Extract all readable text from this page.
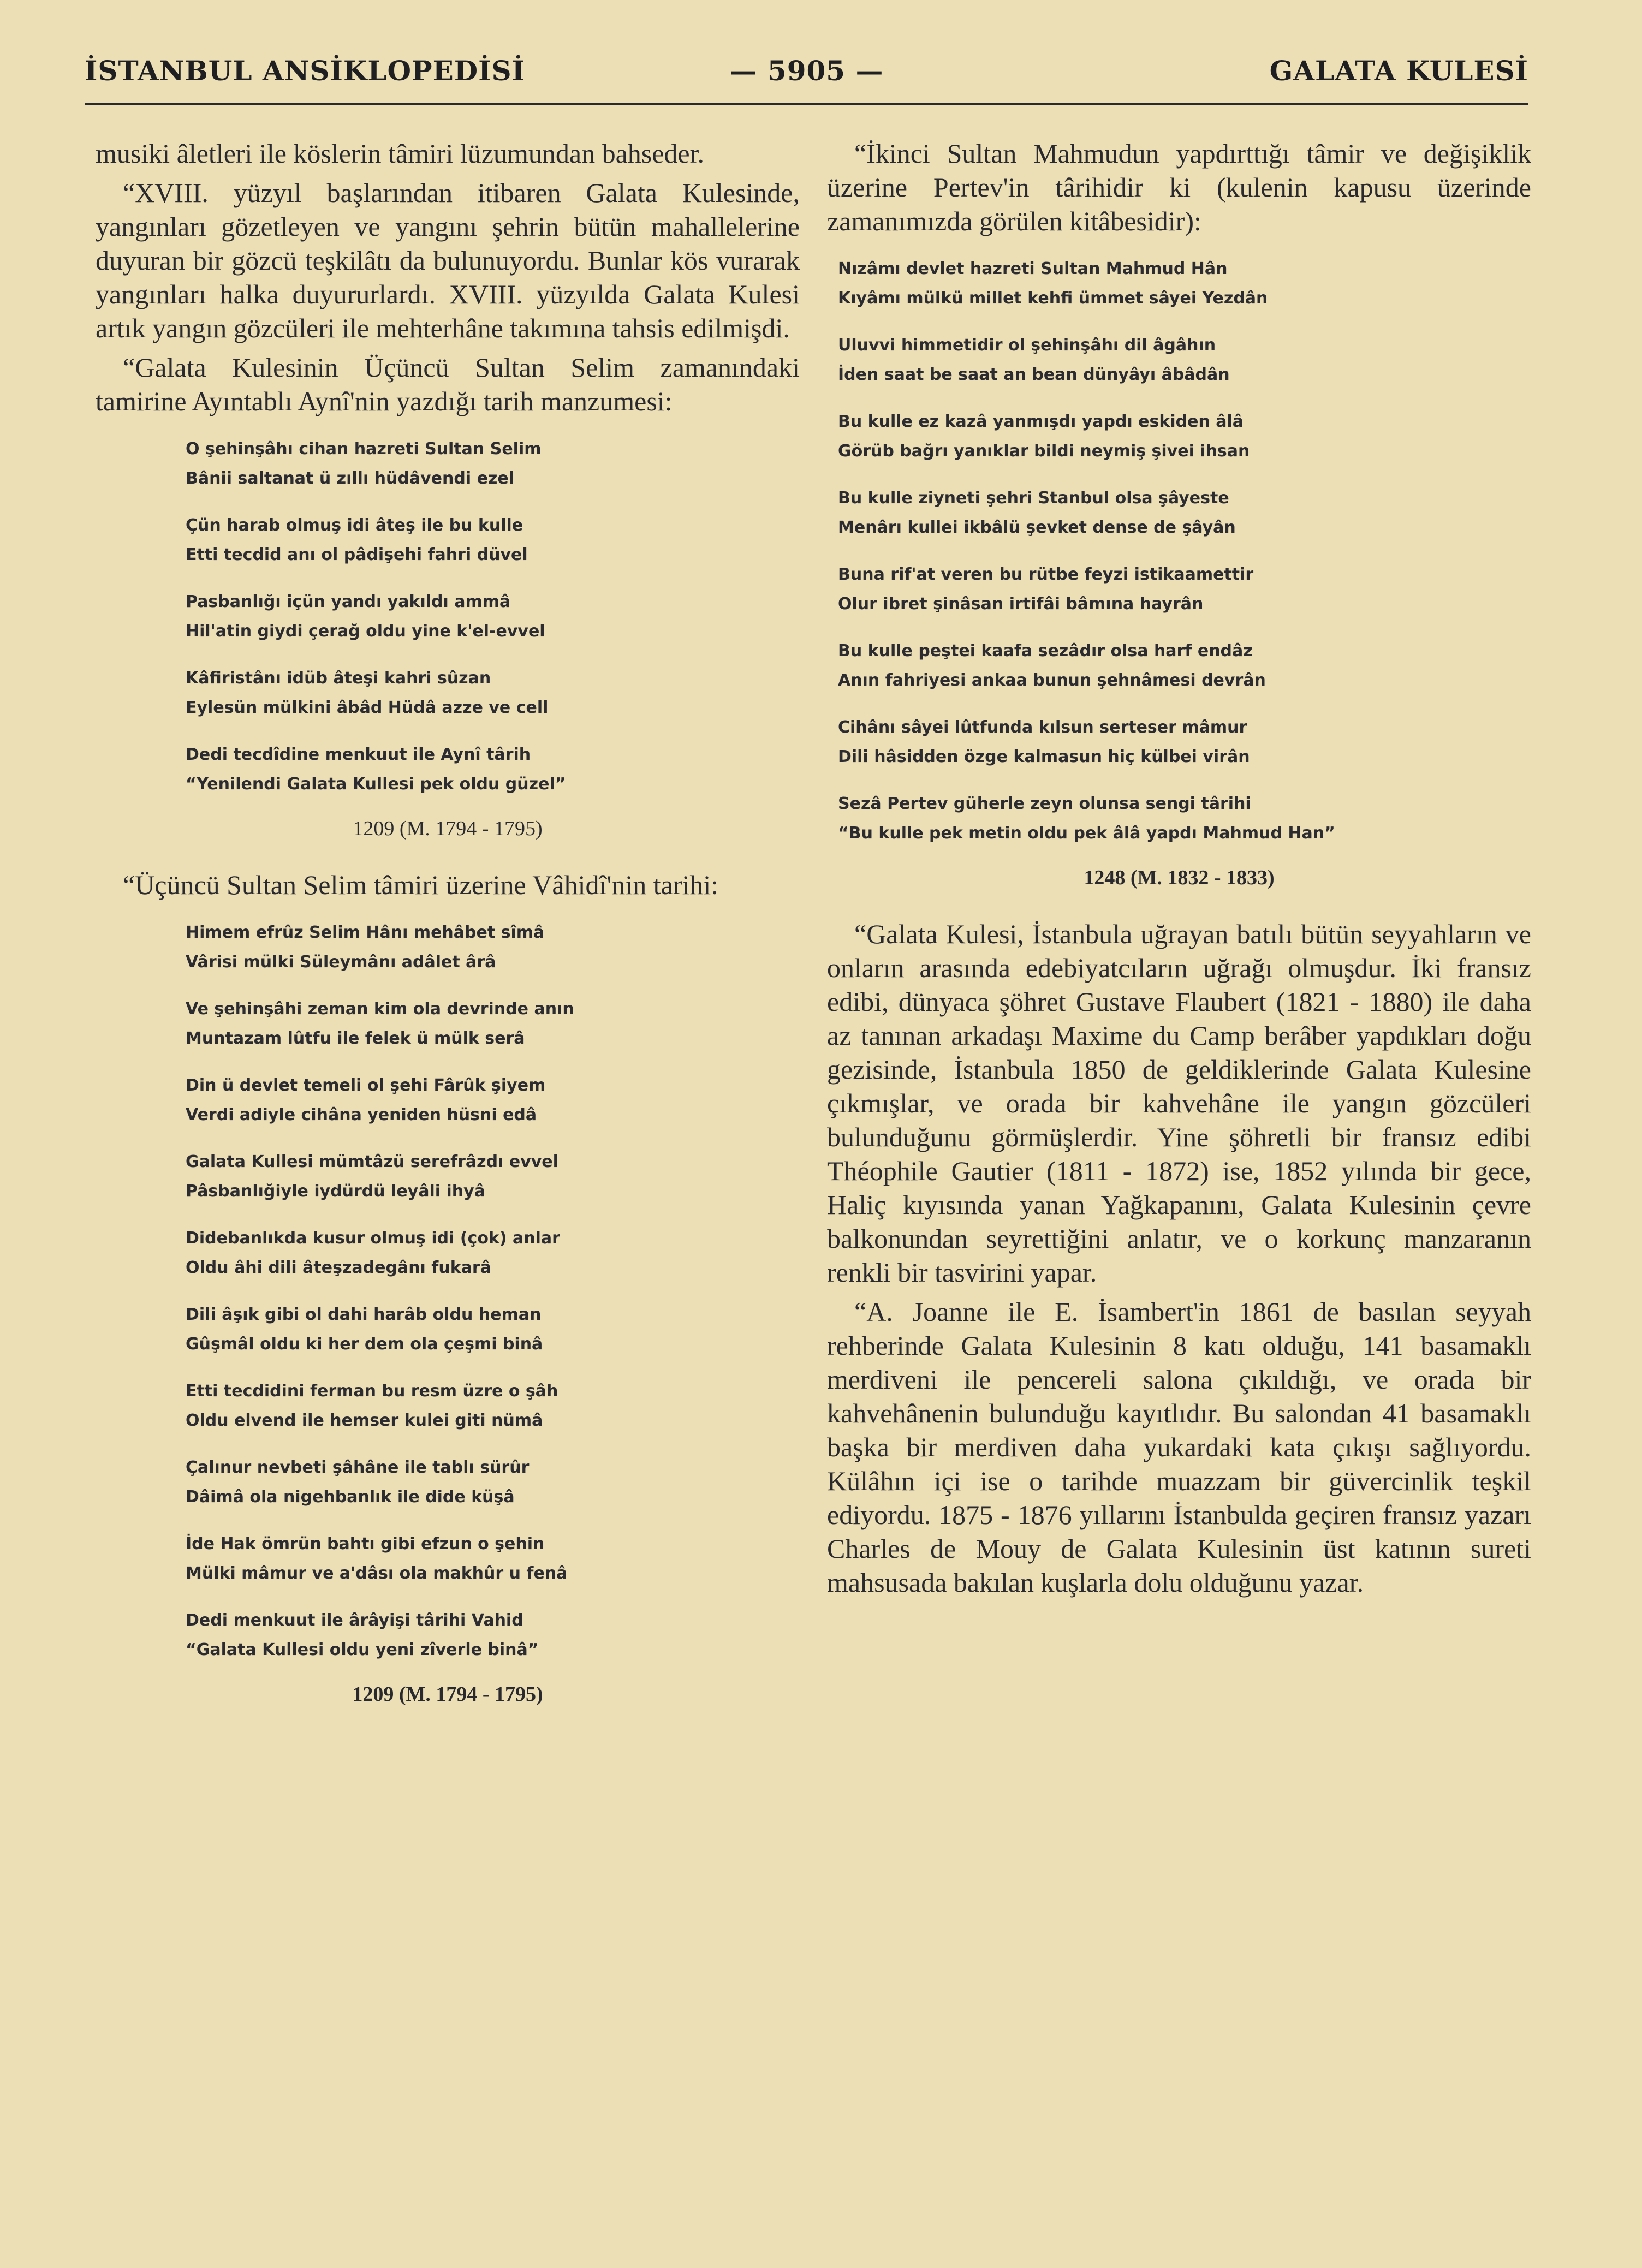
İSTANBUL ANSİKLOPEDİSİ	— 5905 —	GALATA KULESİ

musiki âletleri ile köslerin tâmiri lüzumundan bahseder.

“XVIII. yüzyıl başlarından itibaren Galata Kulesinde, yangınları gözetleyen ve yangını şehrin bütün mahallelerine duyuran bir gözcü teşkilâtı da bulunuyordu. Bunlar kös vurarak yangınları halka duyururlardı. XVIII. yüzyılda Galata Kulesi artık yangın gözcüleri ile mehterhâne takımına tahsis edilmişdi.

“Galata Kulesinin Üçüncü Sultan Selim zamanındaki tamirine Ayıntablı Aynî'nin yazdığı tarih manzumesi:

O şehinşâhı cihan hazreti Sultan Selim
Bânii saltanat ü zıllı hüdâvendi ezel
Çün harab olmuş idi âteş ile bu kulle
Etti tecdid anı ol pâdişehi fahri düvel
Pasbanlığı içün yandı yakıldı ammâ
Hil'atin giydi çerağ oldu yine k'el-evvel
Kâfiristânı idüb âteşi kahri sûzan
Eylesün mülkini âbâd Hüdâ azze ve cell
Dedi tecdîdine menkuut ile Aynî târih
“Yenilendi Galata Kullesi pek oldu güzel”
1209 (M. 1794 - 1795)

“Üçüncü Sultan Selim tâmiri üzerine Vâhidî'nin tarihi:

Himem efrûz Selim Hânı mehâbet sîmâ
Vârisi mülki Süleymânı adâlet ârâ
Ve şehinşâhi zeman kim ola devrinde anın
Muntazam lûtfu ile felek ü mülk serâ
Din ü devlet temeli ol şehi Fârûk şiyem
Verdi adiyle cihâna yeniden hüsni edâ
Galata Kullesi mümtâzü serefrâzdı evvel
Pâsbanlığiyle iydürdü leyâli ihyâ
Didebanlıkda kusur olmuş idi (çok) anlar
Oldu âhi dili âteşzadegânı fukarâ
Dili âşık gibi ol dahi harâb oldu heman
Gûşmâl oldu ki her dem ola çeşmi binâ
Etti tecdidini ferman bu resm üzre o şâh
Oldu elvend ile hemser kulei giti nümâ
Çalınur nevbeti şâhâne ile tablı sürûr
Dâimâ ola nigehbanlık ile dide küşâ
İde Hak ömrün bahtı gibi efzun o şehin
Mülki mâmur ve a'dâsı ola makhûr u fenâ
Dedi menkuut ile ârâyişi târihi Vahid
“Galata Kullesi oldu yeni zîverle binâ”
1209 (M. 1794 - 1795)

“İkinci Sultan Mahmudun yapdırttığı tâmir ve değişiklik üzerine Pertev'in târihidir ki (kulenin kapusu üzerinde zamanımızda görülen kitâbesidir):

Nızâmı devlet hazreti Sultan Mahmud Hân
Kıyâmı mülkü millet kehfi ümmet sâyei Yezdân
Uluvvi himmetidir ol şehinşâhı dil âgâhın
İden saat be saat an bean dünyâyı âbâdân
Bu kulle ez kazâ yanmışdı yapdı eskiden âlâ
Görüb bağrı yanıklar bildi neymiş şivei ihsan
Bu kulle ziyneti şehri Stanbul olsa şâyeste
Menârı kullei ikbâlü şevket dense de şâyân
Buna rif'at veren bu rütbe feyzi istikaamettir
Olur ibret şinâsan irtifâi bâmına hayrân
Bu kulle peştei kaafa sezâdır olsa harf endâz
Anın fahriyesi ankaa bunun şehnâmesi devrân
Cihânı sâyei lûtfunda kılsun serteser mâmur
Dili hâsidden özge kalmasun hiç külbei virân
Sezâ Pertev güherle zeyn olunsa sengi târihi
“Bu kulle pek metin oldu pek âlâ yapdı Mahmud Han”
1248 (M. 1832 - 1833)

“Galata Kulesi, İstanbula uğrayan batılı bütün seyyahların ve onların arasında edebiyatcıların uğrağı olmuşdur. İki fransız edibi, dünyaca şöhret Gustave Flaubert (1821 - 1880) ile daha az tanınan arkadaşı Maxime du Camp berâber yapdıkları doğu gezisinde, İstanbula 1850 de geldiklerinde Galata Kulesine çıkmışlar, ve orada bir kahvehâne ile yangın gözcüleri bulunduğunu görmüşlerdir. Yine şöhretli bir fransız edibi Théophile Gautier (1811 - 1872) ise, 1852 yılında bir gece, Haliç kıyısında yanan Yağkapanını, Galata Kulesinin çevre balkonundan seyrettiğini anlatır, ve o korkunç manzaranın renkli bir tasvirini yapar.

“A. Joanne ile E. İsambert'in 1861 de basılan seyyah rehberinde Galata Kulesinin 8 katı olduğu, 141 basamaklı merdiveni ile pencereli salona çıkıldığı, ve orada bir kahvehânenin bulunduğu kayıtlıdır. Bu salondan 41 basamaklı başka bir merdiven daha yukardaki kata çıkışı sağlıyordu. Külâhın içi ise o tarihde muazzam bir güvercinlik teşkil ediyordu. 1875 - 1876 yıllarını İstanbulda geçiren fransız yazarı Charles de Mouy de Galata Kulesinin üst katının sureti mahsusada bakılan kuşlarla dolu olduğunu yazar.
